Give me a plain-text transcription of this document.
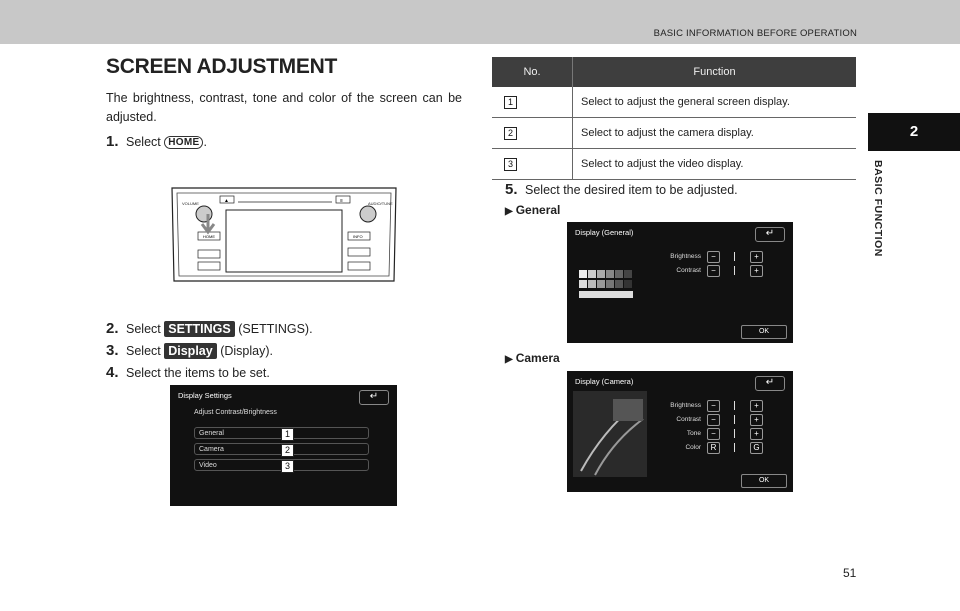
BASIC INFORMATION BEFORE OPERATION
2
BASIC FUNCTION
SCREEN ADJUSTMENT
The brightness, contrast, tone and color of the screen can be adjusted.
1. Select HOME .
VOLUME	AUDIO/TUNE
▲	≡
HOME	INFO
2. Select SETTINGS (SETTINGS).
3. Select Display (Display).
4. Select the items to be set.
Display Settings	↵
Adjust Contrast/Brightness
General	1
Camera	2
Video	3
No.	Function
1	Select to adjust the general screen display.
2	Select to adjust the camera display.
3	Select to adjust the video display.
5. Select the desired item to be adjusted.
▶ General
Display (General)	↵
Brightness	−	+
Contrast	−	+
OK
▶ Camera
Display (Camera)	↵
Brightness	−	+
Contrast	−	+
Tone	−	+
Color	R	G
OK
51
